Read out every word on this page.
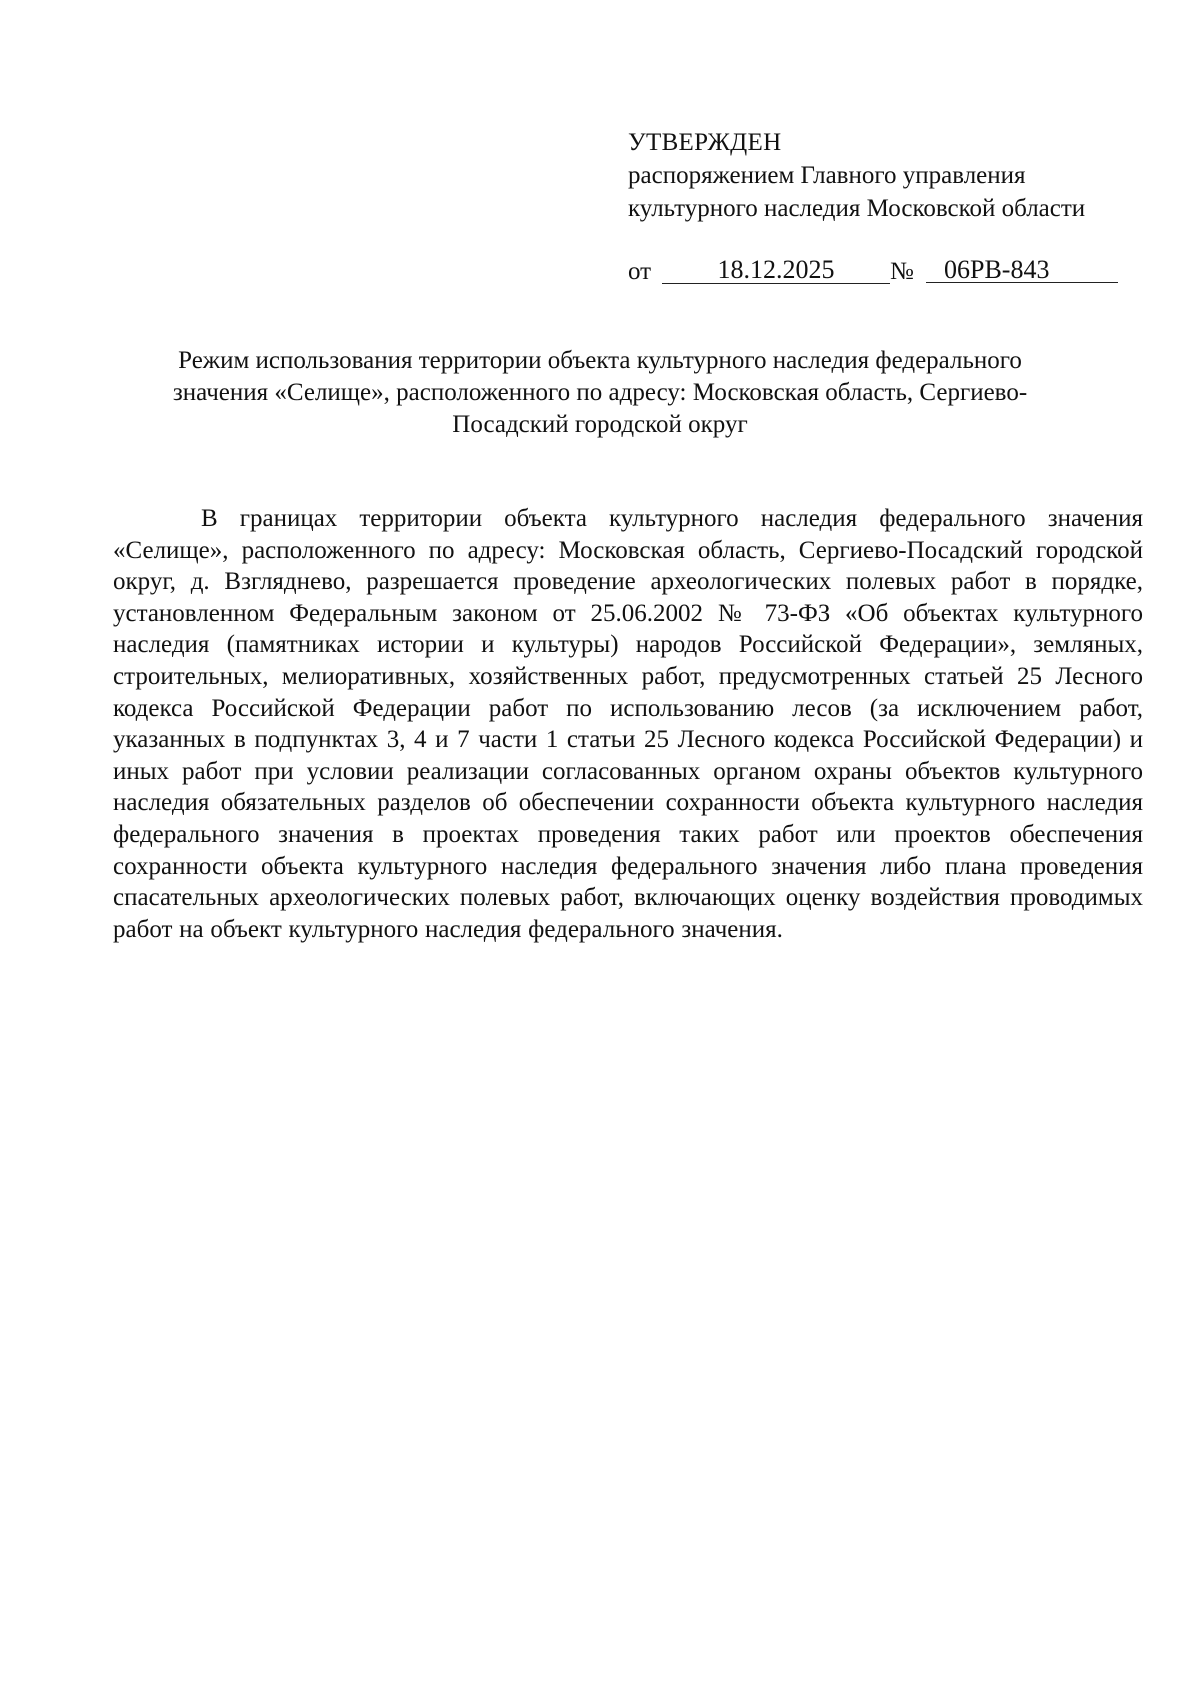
УТВЕРЖДЕН
распоряжением Главного управления
культурного наследия Московской области
от	18.12.2025	№	06РВ-843
Режим использования территории объекта культурного наследия федерального
значения «Селище», расположенного по адресу: Московская область, Сергиево-
Посадский городской округ

В границах территории объекта культурного наследия федерального значения «Селище», расположенного по адресу: Московская область, Сергиево-Посадский городской округ, д. Взгляднево, разрешается проведение археологических полевых работ в порядке, установленном Федеральным законом от 25.06.2002 № 73-ФЗ «Об объектах культурного наследия (памятниках истории и культуры) народов Российской Федерации», земляных, строительных, мелиоративных, хозяйственных работ, предусмотренных статьей 25 Лесного кодекса Российской Федерации работ по использованию лесов (за исключением работ, указанных в подпунктах 3, 4 и 7 части 1 статьи 25 Лесного кодекса Российской Федерации) и иных работ при условии реализации согласованных органом охраны объектов культурного наследия обязательных разделов об обеспечении сохранности объекта культурного наследия федерального значения в проектах проведения таких работ или проектов обеспечения сохранности объекта культурного наследия федерального значения либо плана проведения спасательных археологических полевых работ, включающих оценку воздействия проводимых работ на объект культурного наследия федерального значения.
